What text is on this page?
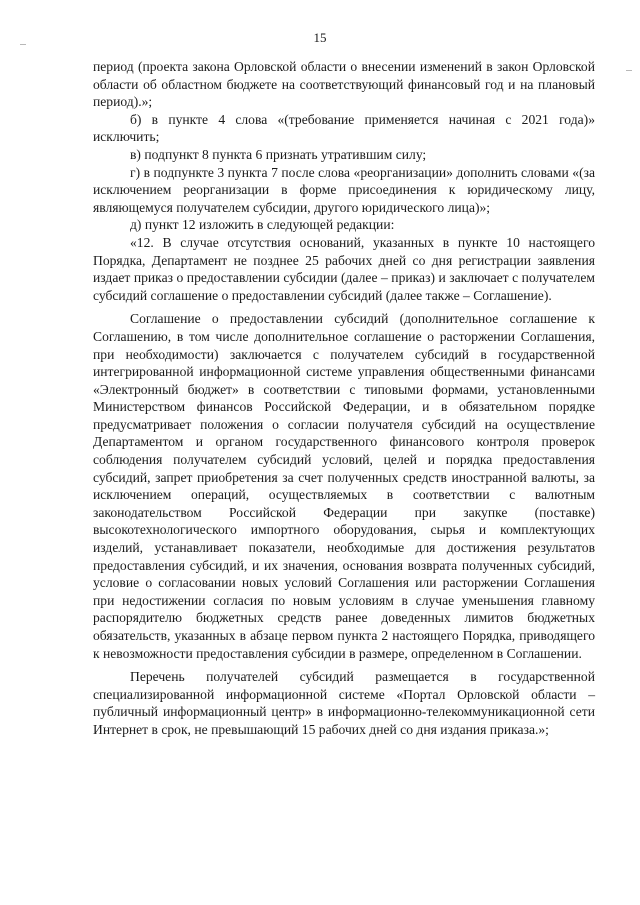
15

период (проекта закона Орловской области о внесении изменений в закон Орловской области об областном бюджете на соответствующий финансовый год и на плановый период).»;

б) в пункте 4 слова «(требование применяется начиная с 2021 года)» исключить;

в) подпункт 8 пункта 6 признать утратившим силу;

г) в подпункте 3 пункта 7 после слова «реорганизации» дополнить словами «(за исключением реорганизации в форме присоединения к юридическому лицу, являющемуся получателем субсидии, другого юридического лица)»;

д) пункт 12 изложить в следующей редакции:

«12. В случае отсутствия оснований, указанных в пункте 10 настоящего Порядка, Департамент не позднее 25 рабочих дней со дня регистрации заявления издает приказ о предоставлении субсидии (далее – приказ) и заключает с получателем субсидий соглашение о предоставлении субсидий (далее также – Соглашение).

Соглашение о предоставлении субсидий (дополнительное соглашение к Соглашению, в том числе дополнительное соглашение о расторжении Соглашения, при необходимости) заключается с получателем субсидий в государственной интегрированной информационной системе управления общественными финансами «Электронный бюджет» в соответствии с типовыми формами, установленными Министерством финансов Российской Федерации, и в обязательном порядке предусматривает положения о согласии получателя субсидий на осуществление Департаментом и органом государственного финансового контроля проверок соблюдения получателем субсидий условий, целей и порядка предоставления субсидий, запрет приобретения за счет полученных средств иностранной валюты, за исключением операций, осуществляемых в соответствии с валютным законодательством Российской Федерации при закупке (поставке) высокотехнологического импортного оборудования, сырья и комплектующих изделий, устанавливает показатели, необходимые для достижения результатов предоставления субсидий, и их значения, основания возврата полученных субсидий, условие о согласовании новых условий Соглашения или расторжении Соглашения при недостижении согласия по новым условиям в случае уменьшения главному распорядителю бюджетных средств ранее доведенных лимитов бюджетных обязательств, указанных в абзаце первом пункта 2 настоящего Порядка, приводящего к невозможности предоставления субсидии в размере, определенном в Соглашении.

Перечень получателей субсидий размещается в государственной специализированной информационной системе «Портал Орловской области – публичный информационный центр» в информационно-телекоммуникационной сети Интернет в срок, не превышающий 15 рабочих дней со дня издания приказа.»;
